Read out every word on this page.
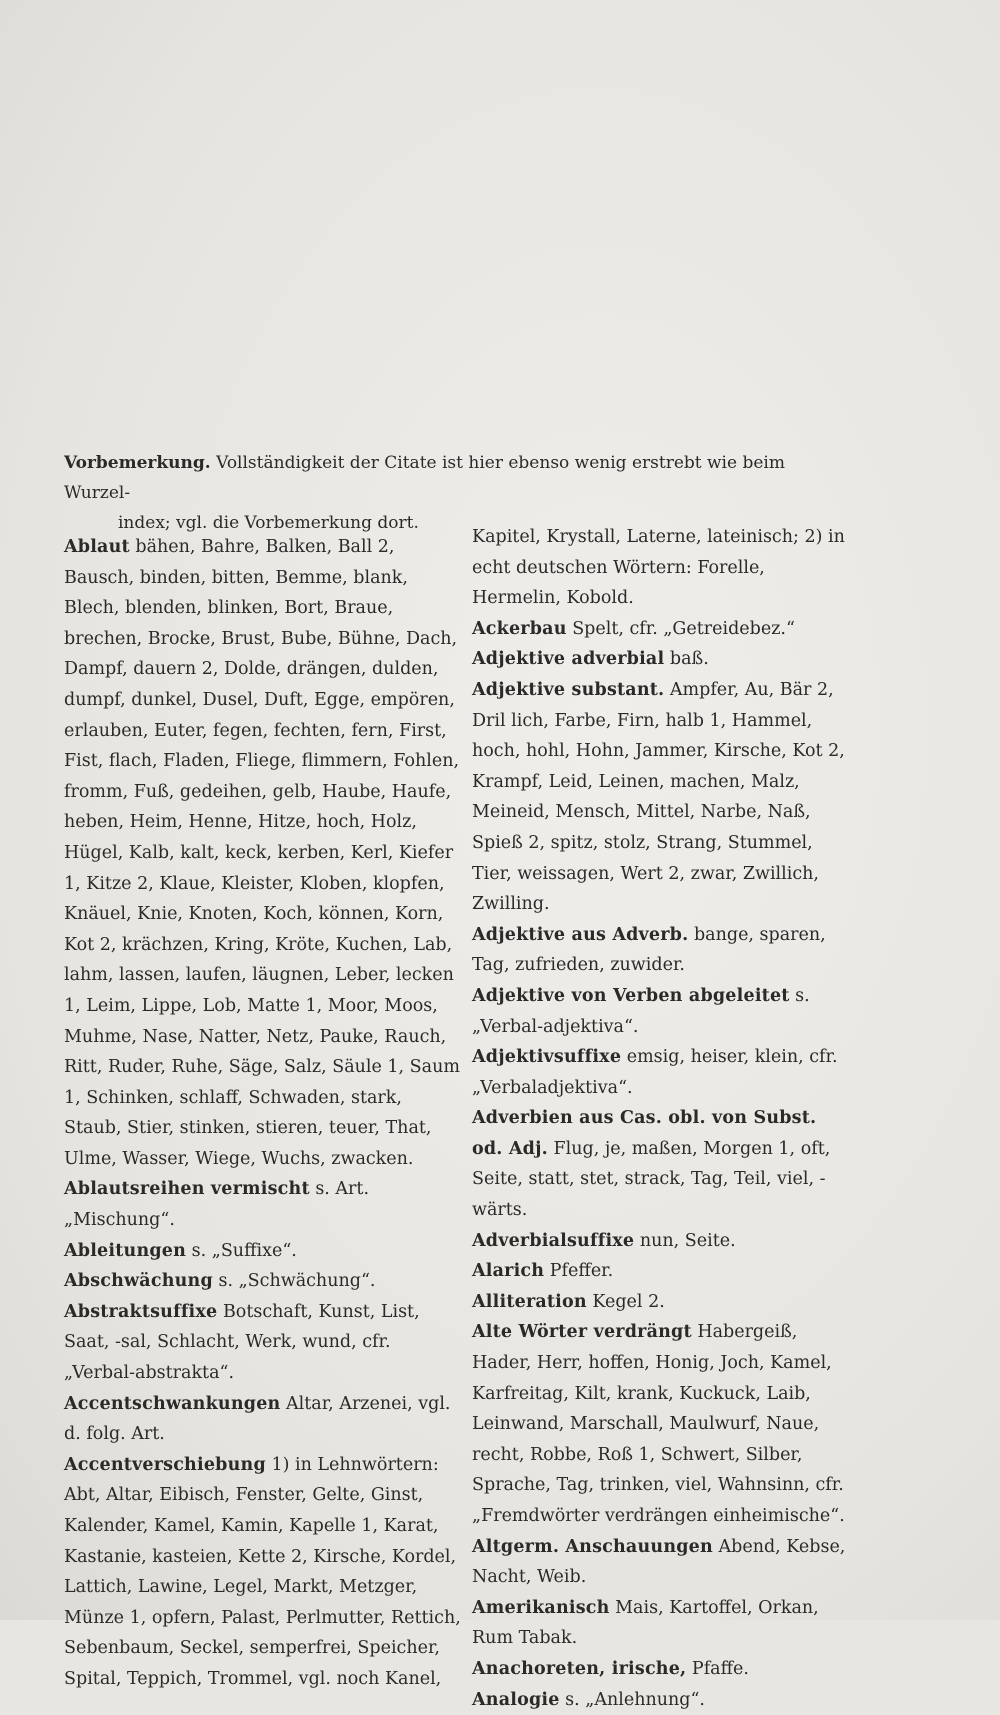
Vorbemerkung. Vollständigkeit der Citate ist hier ebenso wenig erstrebt wie beim Wurzel-
index; vgl. die Vorbemerkung dort.

Ablaut bähen, Bahre, Balken, Ball 2, Bausch, binden, bitten, Bemme, blank, Blech, blenden, blinken, Bort, Braue, brechen, Brocke, Brust, Bube, Bühne, Dach, Dampf, dauern 2, Dolde, drängen, dulden, dumpf, dunkel, Dusel, Duft, Egge, empören, erlauben, Euter, fegen, fechten, fern, First, Fist, flach, Fladen, Fliege, flimmern, Fohlen, fromm, Fuß, gedeihen, gelb, Haube, Haufe, heben, Heim, Henne, Hitze, hoch, Holz, Hügel, Kalb, kalt, keck, kerben, Kerl, Kiefer 1, Kitze 2, Klaue, Kleister, Kloben, klopfen, Knäuel, Knie, Knoten, Koch, können, Korn, Kot 2, krächzen, Kring, Kröte, Kuchen, Lab, lahm, lassen, laufen, läugnen, Leber, lecken 1, Leim, Lippe, Lob, Matte 1, Moor, Moos, Muhme, Nase, Natter, Netz, Pauke, Rauch, Ritt, Ruder, Ruhe, Säge, Salz, Säule 1, Saum 1, Schinken, schlaff, Schwaden, stark, Staub, Stier, stinken, stieren, teuer, That, Ulme, Wasser, Wiege, Wuchs, zwacken.

Ablautsreihen vermischt s. Art. „Mischung“.

Ableitungen s. „Suffixe“.

Abschwächung s. „Schwächung“.

Abstraktsuffixe Botschaft, Kunst, List, Saat, -sal, Schlacht, Werk, wund, cfr. „Verbal-abstrakta“.

Accentschwankungen Altar, Arzenei, vgl. d. folg. Art.

Accentverschiebung 1) in Lehnwörtern: Abt, Altar, Eibisch, Fenster, Gelte, Ginst, Kalender, Kamel, Kamin, Kapelle 1, Karat, Kastanie, kasteien, Kette 2, Kirsche, Kordel, Lattich, Lawine, Legel, Markt, Metzger, Münze 1, opfern, Palast, Perlmutter, Rettich, Sebenbaum, Seckel, semperfrei, Speicher, Spital, Teppich, Trommel, vgl. noch Kanel,

Kapitel, Krystall, Laterne, lateinisch; 2) in echt deutschen Wörtern: Forelle, Hermelin, Kobold.

Ackerbau Spelt, cfr. „Getreidebez.“

Adjektive adverbial baß.

Adjektive substant. Ampfer, Au, Bär 2, Dril lich, Farbe, Firn, halb 1, Hammel, hoch, hohl, Hohn, Jammer, Kirsche, Kot 2, Krampf, Leid, Leinen, machen, Malz, Meineid, Mensch, Mittel, Narbe, Naß, Spieß 2, spitz, stolz, Strang, Stummel, Tier, weissagen, Wert 2, zwar, Zwillich, Zwilling.

Adjektive aus Adverb. bange, sparen, Tag, zufrieden, zuwider.

Adjektive von Verben abgeleitet s. „Verbal-adjektiva“.

Adjektivsuffixe emsig, heiser, klein, cfr. „Verbaladjektiva“.

Adverbien aus Cas. obl. von Subst. od. Adj. Flug, je, maßen, Morgen 1, oft, Seite, statt, stet, strack, Tag, Teil, viel, -wärts.

Adverbialsuffixe nun, Seite.

Alarich Pfeffer.

Alliteration Kegel 2.

Alte Wörter verdrängt Habergeiß, Hader, Herr, hoffen, Honig, Joch, Kamel, Karfreitag, Kilt, krank, Kuckuck, Laib, Leinwand, Marschall, Maulwurf, Naue, recht, Robbe, Roß 1, Schwert, Silber, Sprache, Tag, trinken, viel, Wahnsinn, cfr. „Fremdwörter verdrängen einheimische“.

Altgerm. Anschauungen Abend, Kebse, Nacht, Weib.

Amerikanisch Mais, Kartoffel, Orkan, Rum Tabak.

Anachoreten, irische, Pfaffe.

Analogie s. „Anlehnung“.
